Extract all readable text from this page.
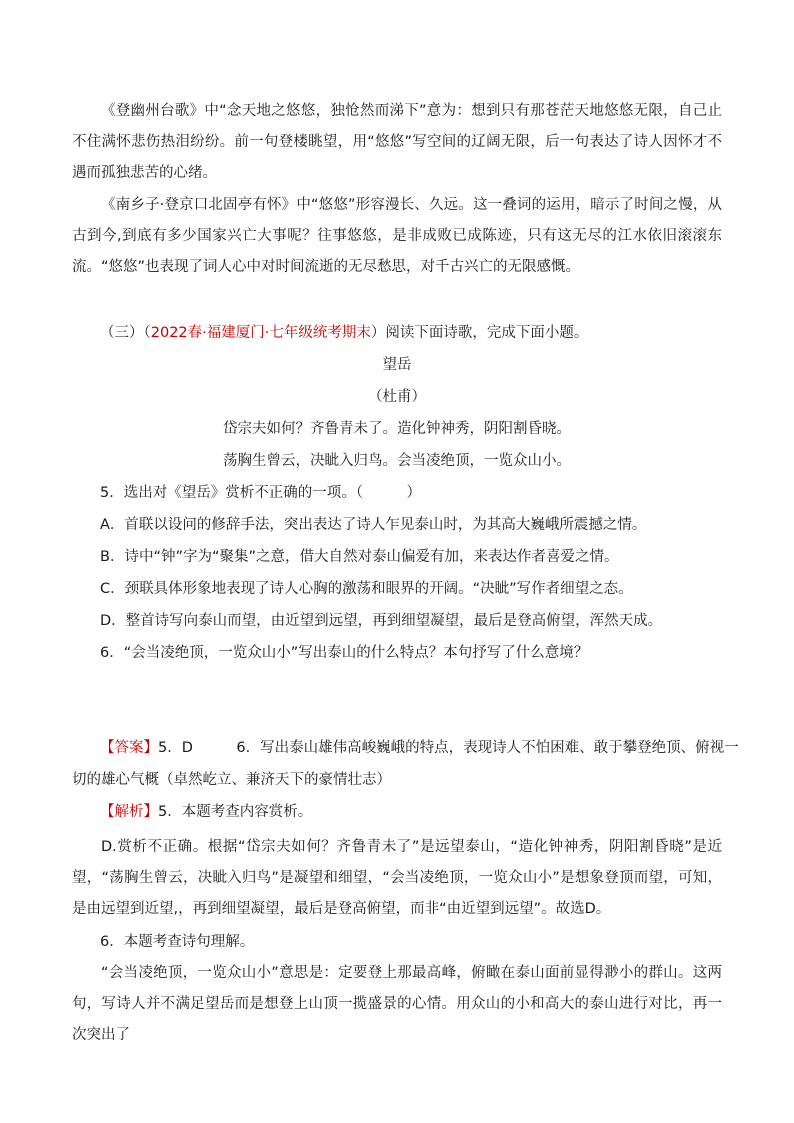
《登幽州台歌》中“念天地之悠悠，独怆然而涕下”意为：想到只有那苍茫天地悠悠无限，自己止不住满怀悲伤热泪纷纷。前一句登楼眺望，用“悠悠”写空间的辽阔无限，后一句表达了诗人因怀才不遇而孤独悲苦的心绪。

《南乡子·登京口北固亭有怀》中“悠悠”形容漫长、久远。这一叠词的运用，暗示了时间之慢，从古到今,到底有多少国家兴亡大事呢？往事悠悠，是非成败已成陈迹，只有这无尽的江水依旧滚滚东流。“悠悠”也表现了词人心中对时间流逝的无尽愁思，对千古兴亡的无限感慨。

（三）（2022春·福建厦门·七年级统考期末）阅读下面诗歌，完成下面小题。

望岳

（杜甫）

岱宗夫如何？齐鲁青未了。造化钟神秀，阴阳割昏晓。

荡胸生曾云，决眦入归鸟。会当凌绝顶，一览众山小。

5．选出对《望岳》赏析不正确的一项。（　　　）

A．首联以设问的修辞手法，突出表达了诗人乍见泰山时，为其高大巍峨所震撼之情。

B．诗中“钟”字为“聚集”之意，借大自然对泰山偏爱有加，来表达作者喜爱之情。

C．颈联具体形象地表现了诗人心胸的激荡和眼界的开阔。“决眦”写作者细望之态。

D．整首诗写向泰山而望，由近望到远望，再到细望凝望，最后是登高俯望，浑然天成。

6．“会当凌绝顶，一览众山小”写出泰山的什么特点？本句抒写了什么意境？

【答案】5．D　　　6．写出泰山雄伟高峻巍峨的特点，表现诗人不怕困难、敢于攀登绝顶、俯视一

切的雄心气概（卓然屹立、兼济天下的豪情壮志）

【解析】5．本题考查内容赏析。

D.赏析不正确。根据“岱宗夫如何？齐鲁青未了”是远望泰山，“造化钟神秀，阴阳割昏晓”是近望，“荡胸生曾云，决眦入归鸟”是凝望和细望，“会当凌绝顶，一览众山小”是想象登顶而望，可知，是由远望到近望,，再到细望凝望，最后是登高俯望，而非“由近望到远望”。故选D。

6．本题考查诗句理解。

“会当凌绝顶，一览众山小”意思是：定要登上那最高峰，俯瞰在泰山面前显得渺小的群山。这两句，写诗人并不满足望岳而是想登上山顶一揽盛景的心情。用众山的小和高大的泰山进行对比，再一次突出了
